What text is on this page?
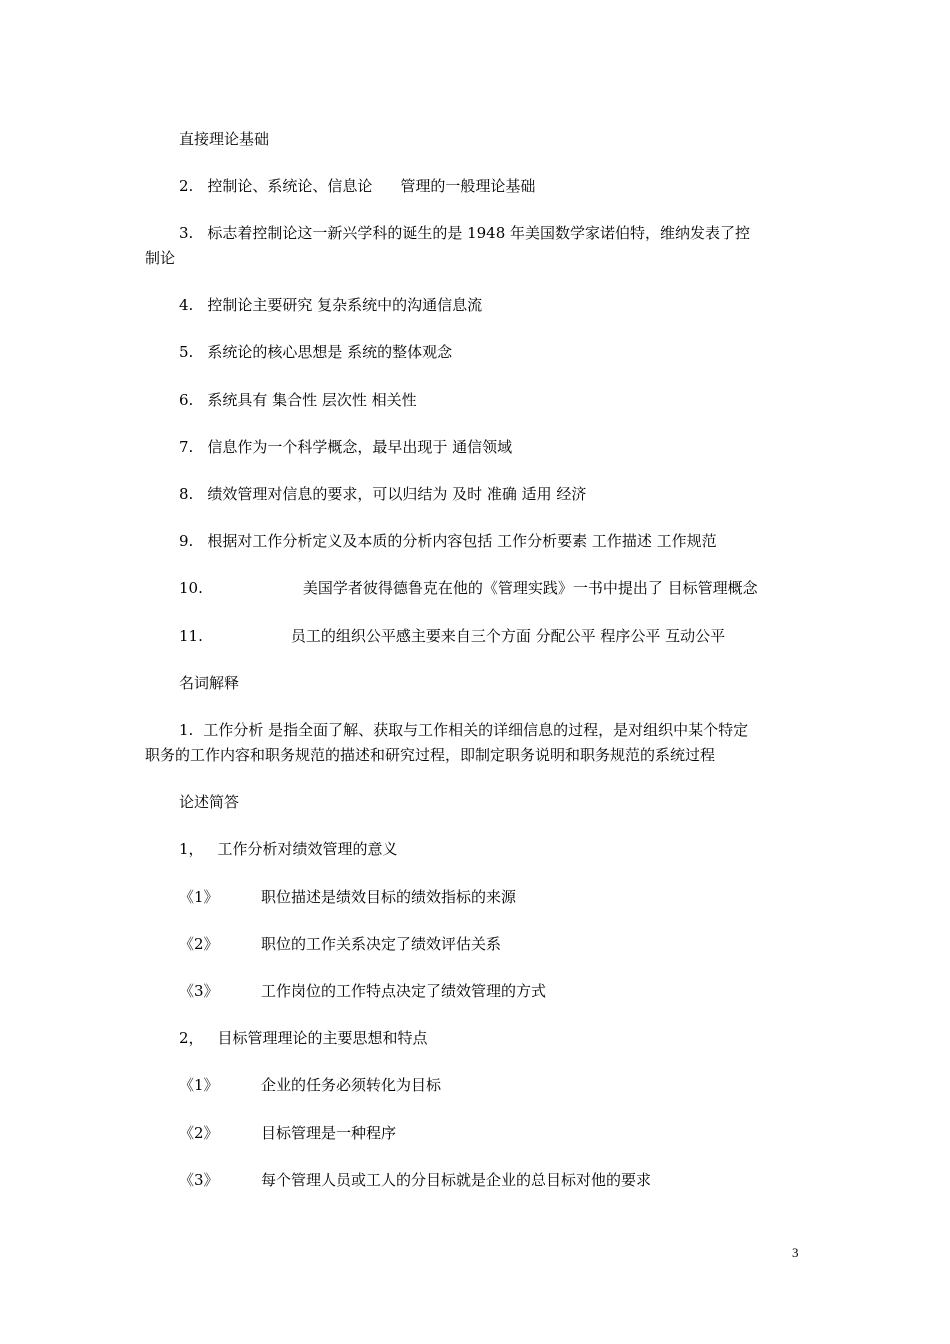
直接理论基础
2. 控制论、系统论、信息论 管理的一般理论基础
3. 标志着控制论这一新兴学科的诞生的是 1948 年美国数学家诺伯特，维纳发表了控
制论
4. 控制论主要研究 复杂系统中的沟通信息流
5. 系统论的核心思想是 系统的整体观念
6. 系统具有 集合性 层次性 相关性
7. 信息作为一个科学概念，最早出现于 通信领域
8. 绩效管理对信息的要求，可以归结为 及时 准确 适用 经济
9. 根据对工作分析定义及本质的分析内容包括 工作分析要素 工作描述 工作规范
10.	美国学者彼得德鲁克在他的《管理实践》一书中提出了 目标管理概念
11.	员工的组织公平感主要来自三个方面 分配公平 程序公平 互动公平
名词解释
1. 工作分析 是指全面了解、获取与工作相关的详细信息的过程，是对组织中某个特定
职务的工作内容和职务规范的描述和研究过程，即制定职务说明和职务规范的系统过程
论述简答
1， 工作分析对绩效管理的意义
《1》	职位描述是绩效目标的绩效指标的来源
《2》	职位的工作关系决定了绩效评估关系
《3》	工作岗位的工作特点决定了绩效管理的方式
2， 目标管理理论的主要思想和特点
《1》	企业的任务必须转化为目标
《2》	目标管理是一种程序
《3》	每个管理人员或工人的分目标就是企业的总目标对他的要求
3
